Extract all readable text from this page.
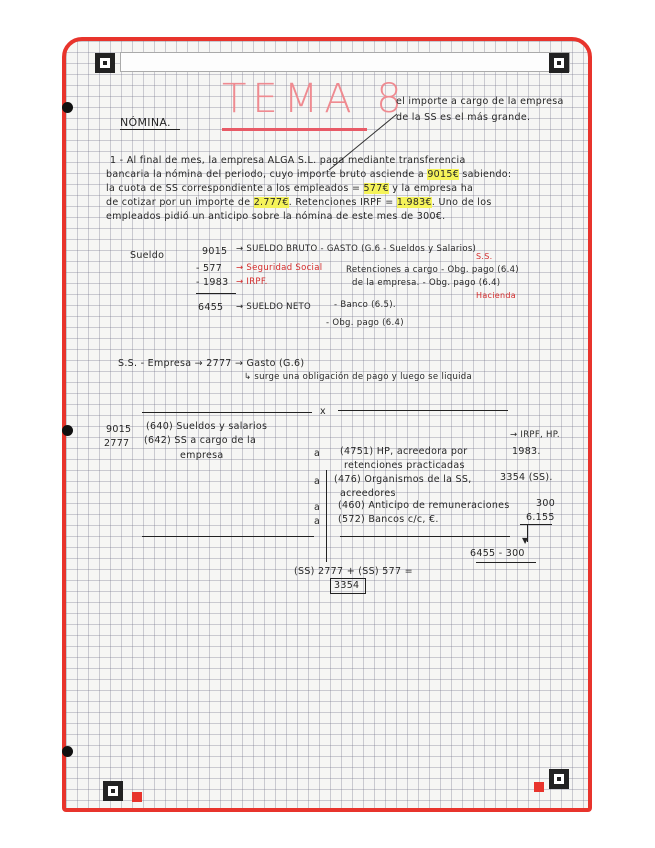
TEMA 8
NÓMINA.
el importe a cargo de la empresa
de la SS es el más grande.
1 - Al final de mes, la empresa ALGA S.L. paga mediante transferencia
bancaria la nómina del periodo, cuyo importe bruto asciende a 9015€ sabiendo:
la cuota de SS correspondiente a los empleados = 577€ y la empresa ha
de cotizar por un importe de 2.777€. Retenciones IRPF = 1.983€. Uno de los
empleados pidió un anticipo sobre la nómina de este mes de 300€.
Sueldo	9015 → SUELDO BRUTO - GASTO (G.6 - Sueldos y Salarios)
S.S.
- 577 → Seguridad Social
- 1983 → IRPF.
Retenciones a cargo - Obg. pago (6.4)
de la empresa. - Obg. pago (6.4)
Hacienda
6455 → SUELDO NETO	- Banco (6.5).
- Obg. pago (6.4)
S.S. - Empresa → 2777 → Gasto (G.6)
↳ surge una obligación de pago y luego se liquida
x
9015 (640) Sueldos y salarios
2777 (642) SS a cargo de la
empresa
→ IRPF, HP.
a (4751) HP, acreedora por
retenciones practicadas
1983.
a (476) Organismos de la SS,
acreedores
3354 (SS).
a (460) Anticipo de remuneraciones	300
a (572) Bancos c/c, €.	6.155
▼
6455 - 300
(SS) 2777 + (SS) 577 =
3354
